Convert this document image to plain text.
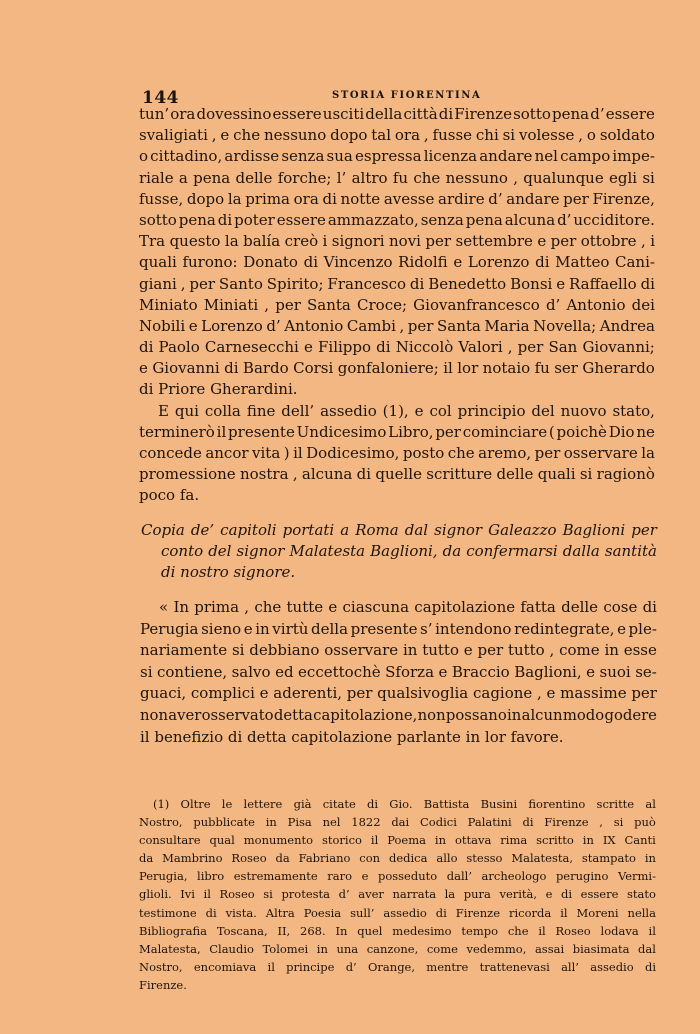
144	STORIA FIORENTINA
tun’ ora dovessino essere usciti della città di Firenze sotto pena d’ essere
svaligiati , e che nessuno dopo tal ora , fusse chi si volesse , o soldato
o cittadino, ardisse senza sua espressa licenza andare nel campo impe-
riale a pena delle forche; l’ altro fu che nessuno , qualunque egli si
fusse, dopo la prima ora di notte avesse ardire d’ andare per Firenze,
sotto pena di poter essere ammazzato, senza pena alcuna d’ ucciditore.
Tra questo la balía creò i signori novi per settembre e per ottobre , i
quali furono: Donato di Vincenzo Ridolfi e Lorenzo di Matteo Cani-
giani , per Santo Spirito; Francesco di Benedetto Bonsi e Raffaello di
Miniato Miniati , per Santa Croce; Giovanfrancesco d’ Antonio dei
Nobili e Lorenzo d’ Antonio Cambi , per Santa Maria Novella; Andrea
di Paolo Carnesecchi e Filippo di Niccolò Valori , per San Giovanni;
e Giovanni di Bardo Corsi gonfaloniere; il lor notaio fu ser Gherardo
di Priore Gherardini.
E qui colla fine dell’ assedio (1), e col principio del nuovo stato,
terminerò il presente Undicesimo Libro, per cominciare ( poichè Dio ne
concede ancor vita ) il Dodicesimo, posto che aremo, per osservare la
promessione nostra , alcuna di quelle scritture delle quali si ragionò
poco fa.
Copia de’ capitoli portati a Roma dal signor Galeazzo Baglioni per
conto del signor Malatesta Baglioni, da confermarsi dalla santità
di nostro signore.
« In prima , che tutte e ciascuna capitolazione fatta delle cose di
Perugia sieno e in virtù della presente s’ intendono redintegrate, e ple-
nariamente si debbiano osservare in tutto e per tutto , come in esse
si contiene, salvo ed eccettochè Sforza e Braccio Baglioni, e suoi se-
guaci, complici e aderenti, per qualsivoglia cagione , e massime per
non aver osservato detta capitolazione, non possano in alcun modo godere
il benefizio di detta capitolazione parlante in lor favore.
(1) Oltre le lettere già citate di Gio. Battista Busini fiorentino scritte al
Nostro, pubblicate in Pisa nel 1822 dai Codici Palatini di Firenze , si può
consultare qual monumento storico il Poema in ottava rima scritto in IX Canti
da Mambrino Roseo da Fabriano con dedica allo stesso Malatesta, stampato in
Perugia, libro estremamente raro e posseduto dall’ archeologo perugino Vermi-
glioli. Ivi il Roseo si protesta d’ aver narrata la pura verità, e di essere stato
testimone di vista. Altra Poesia sull’ assedio di Firenze ricorda il Moreni nella
Bibliografia Toscana, II, 268. In quel medesimo tempo che il Roseo lodava il
Malatesta, Claudio Tolomei in una canzone, come vedemmo, assai biasimata dal
Nostro, encomiava il principe d’ Orange, mentre trattenevasi all’ assedio di
Firenze.
